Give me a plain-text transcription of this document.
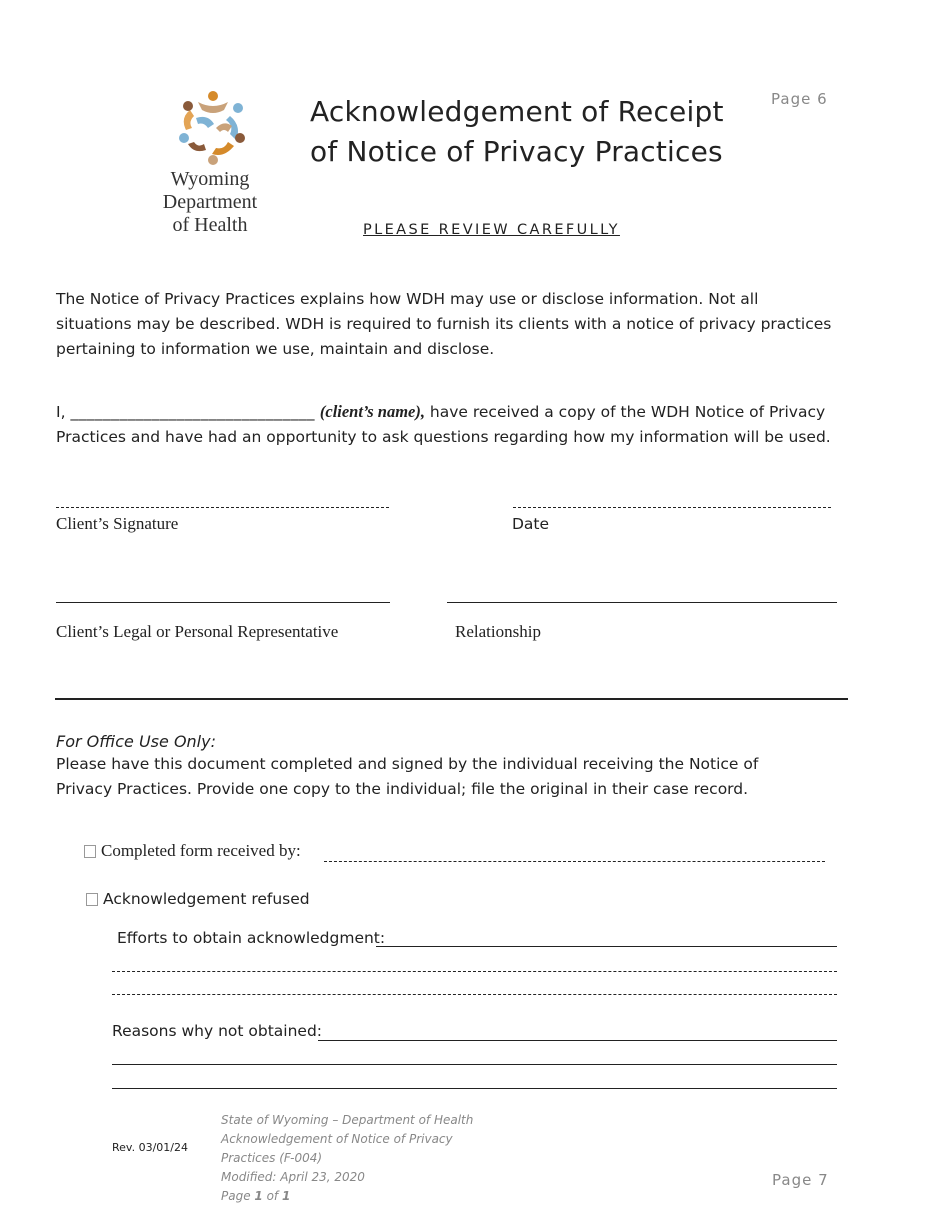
Wyoming
Department
of Health
Acknowledgement of Receipt
of Notice of Privacy Practices
Page 6
PLEASE REVIEW CAREFULLY
The Notice of Privacy Practices explains how WDH may use or disclose information. Not all situations may be described. WDH is required to furnish its clients with a notice of privacy practices pertaining to information we use, maintain and disclose.
I, ______________________________ (client’s name), have received a copy of the WDH Notice of Privacy Practices and have had an opportunity to ask questions regarding how my information will be used.
Client’s Signature	Date
Client’s Legal or Personal Representative	Relationship
For Office Use Only:
Please have this document completed and signed by the individual receiving the Notice of Privacy Practices. Provide one copy to the individual; file the original in their case record.
Completed form received by:
Acknowledgement refused
Efforts to obtain acknowledgment:
Reasons why not obtained:
Rev. 03/01/24
State of Wyoming – Department of Health
Acknowledgement of Notice of Privacy
Practices (F-004)
Modified: April 23, 2020
Page 1 of 1
Page 7
